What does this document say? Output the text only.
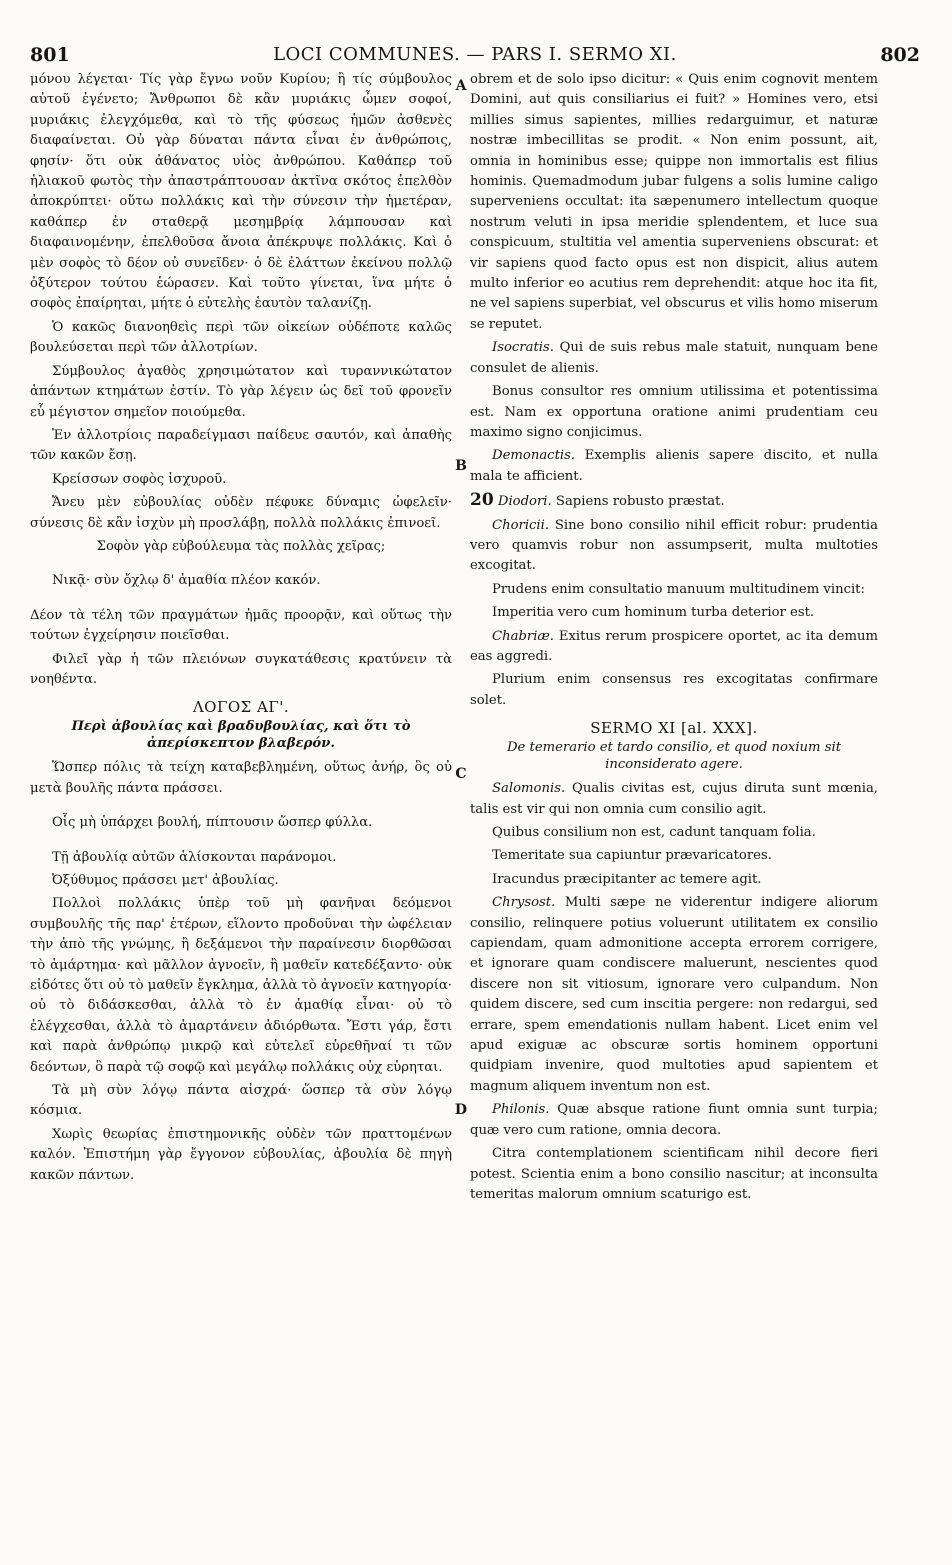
801	LOCI COMMUNES. — PARS I. SERMO XI.	802
A
B
C
D

μόνου λέγεται· Τίς γὰρ ἔγνω νοῦν Κυρίου; ἢ τίς σύμβουλος αὐτοῦ ἐγένετο; Ἄνθρωποι δὲ κἂν μυριάκις ὦμεν σοφοί, μυριάκις ἐλεγχόμεθα, καὶ τὸ τῆς φύσεως ἡμῶν ἀσθενὲς διαφαίνεται. Οὐ γὰρ δύναται πάντα εἶναι ἐν ἀνθρώποις, φησίν· ὅτι οὐκ ἀθάνατος υἱὸς ἀνθρώπου. Καθάπερ τοῦ ἡλιακοῦ φωτὸς τὴν ἀπαστράπτουσαν ἀκτῖνα σκότος ἐπελθὸν ἀποκρύπτει· οὕτω πολλάκις καὶ τὴν σύνεσιν τὴν ἡμετέραν, καθάπερ ἐν σταθερᾷ μεσημβρίᾳ λάμπουσαν καὶ διαφαινομένην, ἐπελθοῦσα ἄνοια ἀπέκρυψε πολλάκις. Καὶ ὁ μὲν σοφὸς τὸ δέον οὐ συνεῖδεν· ὁ δὲ ἐλάττων ἐκείνου πολλῷ ὀξύτερον τούτου ἑώρασεν. Καὶ τοῦτο γίνεται, ἵνα μήτε ὁ σοφὸς ἐπαίρηται, μήτε ὁ εὐτελὴς ἑαυτὸν ταλανίζῃ.

Ὁ κακῶς διανοηθεὶς περὶ τῶν οἰκείων οὐδέποτε καλῶς βουλεύσεται περὶ τῶν ἀλλοτρίων.

Σύμβουλος ἀγαθὸς χρησιμώτατον καὶ τυραννικώτατον ἁπάντων κτημάτων ἐστίν. Τὸ γὰρ λέγειν ὡς δεῖ τοῦ φρονεῖν εὖ μέγιστον σημεῖον ποιούμεθα.

Ἐν ἀλλοτρίοις παραδείγμασι παίδευε σαυτόν, καὶ ἀπαθὴς τῶν κακῶν ἔσῃ.

Κρείσσων σοφὸς ἰσχυροῦ.

Ἄνευ μὲν εὐβουλίας οὐδὲν πέφυκε δύναμις ὠφελεῖν· σύνεσις δὲ κἂν ἰσχὺν μὴ προσλάβῃ, πολλὰ πολλάκις ἐπινοεῖ.

Σοφὸν γὰρ εὐβούλευμα τὰς πολλὰς χεῖρας;

Νικᾷ· σὺν ὄχλῳ δ' ἀμαθία πλέον κακόν.

Δέον τὰ τέλη τῶν πραγμάτων ἡμᾶς προορᾷν, καὶ οὕτως τὴν τούτων ἐγχείρησιν ποιεῖσθαι.

Φιλεῖ γὰρ ἡ τῶν πλειόνων συγκατάθεσις κρατύνειν τὰ νοηθέντα.

ΛΟΓΟΣ ΑΓ'.
Περὶ ἀβουλίας καὶ βραδυβουλίας, καὶ ὅτι τὸ ἀπερίσκεπτον βλαβερόν.

Ὥσπερ πόλις τὰ τείχη καταβεβλημένη, οὕτως ἀνήρ, ὃς οὐ μετὰ βουλῆς πάντα πράσσει.

Οἷς μὴ ὑπάρχει βουλή, πίπτουσιν ὥσπερ φύλλα.

Τῇ ἀβουλίᾳ αὐτῶν ἁλίσκονται παράνομοι.

Ὀξύθυμος πράσσει μετ' ἀβουλίας.

Πολλοὶ πολλάκις ὑπὲρ τοῦ μὴ φανῆναι δεόμενοι συμβουλῆς τῆς παρ' ἑτέρων, εἵλοντο προδοῦναι τὴν ὠφέλειαν τὴν ἀπὸ τῆς γνώμης, ἢ δεξάμενοι τὴν παραίνεσιν διορθῶσαι τὸ ἁμάρτημα· καὶ μᾶλλον ἀγνοεῖν, ἢ μαθεῖν κατεδέξαντο· οὐκ εἰδότες ὅτι οὐ τὸ μαθεῖν ἔγκλημα, ἀλλὰ τὸ ἀγνοεῖν κατηγορία· οὐ τὸ διδάσκεσθαι, ἀλλὰ τὸ ἐν ἀμαθίᾳ εἶναι· οὐ τὸ ἐλέγχεσθαι, ἀλλὰ τὸ ἁμαρτάνειν ἀδιόρθωτα. Ἔστι γάρ, ἔστι καὶ παρὰ ἀνθρώπῳ μικρῷ καὶ εὐτελεῖ εὑρεθῆναί τι τῶν δεόντων, ὃ παρὰ τῷ σοφῷ καὶ μεγάλῳ πολλάκις οὐχ εὑρηται.

Τὰ μὴ σὺν λόγῳ πάντα αἰσχρά· ὥσπερ τὰ σὺν λόγῳ κόσμια.

Χωρὶς θεωρίας ἐπιστημονικῆς οὐδὲν τῶν πραττομένων καλόν. Ἐπιστήμη γὰρ ἔγγονον εὐβουλίας, ἀβουλία δὲ πηγὴ κακῶν πάντων.

obrem et de solo ipso dicitur: « Quis enim cognovit mentem Domini, aut quis consiliarius ei fuit? » Homines vero, etsi millies simus sapientes, millies redarguimur, et naturæ nostræ imbecillitas se prodit. « Non enim possunt, ait, omnia in hominibus esse; quippe non immortalis est filius hominis. Quemadmodum jubar fulgens a solis lumine caligo superveniens occultat: ita sæpenumero intellectum quoque nostrum veluti in ipsa meridie splendentem, et luce sua conspicuum, stultitia vel amentia superveniens obscurat: et vir sapiens quod facto opus est non dispicit, alius autem multo inferior eo acutius rem deprehendit: atque hoc ita fit, ne vel sapiens superbiat, vel obscurus et vilis homo miserum se reputet.

Isocratis. Qui de suis rebus male statuit, nunquam bene consulet de alienis.

Bonus consultor res omnium utilissima et potentissima est. Nam ex opportuna oratione animi prudentiam ceu maximo signo conjicimus.

Demonactis. Exemplis alienis sapere discito, et nulla mala te afficient.

20 Diodori. Sapiens robusto præstat.

Choricii. Sine bono consilio nihil efficit robur: prudentia vero quamvis robur non assumpserit, multa multoties excogitat.

Prudens enim consultatio manuum multitudinem vincit:

Imperitia vero cum hominum turba deterior est.

Chabriæ. Exitus rerum prospicere oportet, ac ita demum eas aggredi.

Plurium enim consensus res excogitatas confirmare solet.

SERMO XI [al. XXX].
De temerario et tardo consilio, et quod noxium sit inconsiderato agere.

Salomonis. Qualis civitas est, cujus diruta sunt mœnia, talis est vir qui non omnia cum consilio agit.

Quibus consilium non est, cadunt tanquam folia.

Temeritate sua capiuntur prævaricatores.

Iracundus præcipitanter ac temere agit.

Chrysost. Multi sæpe ne viderentur indigere aliorum consilio, relinquere potius voluerunt utilitatem ex consilio capiendam, quam admonitione accepta errorem corrigere, et ignorare quam condiscere maluerunt, nescientes quod discere non sit vitiosum, ignorare vero culpandum. Non quidem discere, sed cum inscitia pergere: non redargui, sed errare, spem emendationis nullam habent. Licet enim vel apud exiguæ ac obscuræ sortis hominem opportuni quidpiam invenire, quod multoties apud sapientem et magnum aliquem inventum non est.

Philonis. Quæ absque ratione fiunt omnia sunt turpia; quæ vero cum ratione, omnia decora.

Citra contemplationem scientificam nihil decore fieri potest. Scientia enim a bono consilio nascitur; at inconsulta temeritas malorum omnium scaturigo est.
